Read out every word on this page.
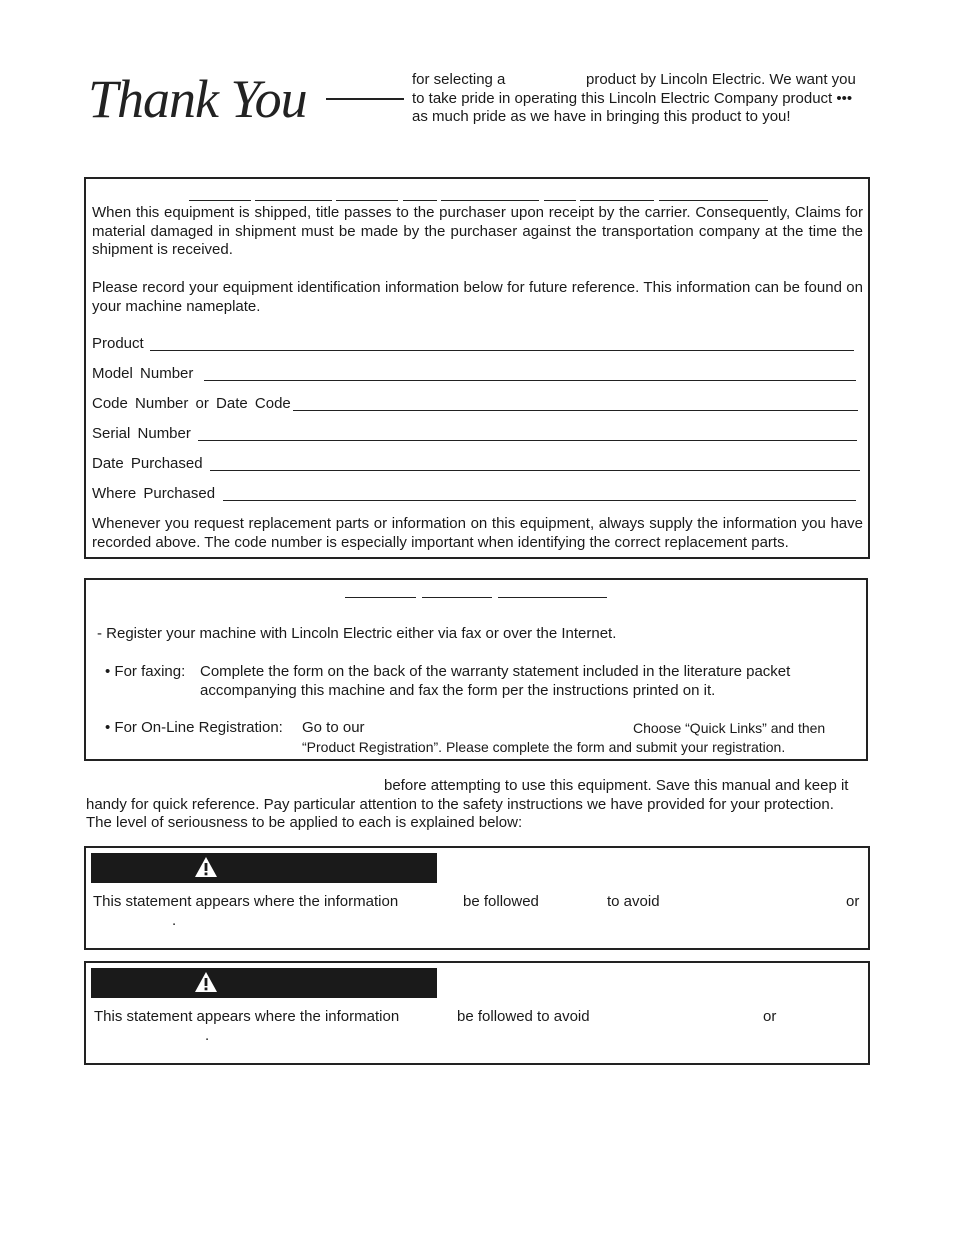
Thank You	for selecting a	product by Lincoln Electric. We want you
to take pride in operating this Lincoln Electric Company product •••
as much pride as we have in bringing this product to you!
When this equipment is shipped, title passes to the purchaser upon receipt by the carrier. Consequently, Claims for material damaged in shipment must be made by the purchaser against the transportation company at the time the shipment is received.
Please record your equipment identification information below for future reference. This information can be found on your machine nameplate.
Product
Model Number
Code Number or Date Code
Serial Number
Date Purchased
Where Purchased
Whenever you request replacement parts or information on this equipment, always supply the information you have recorded above. The code number is especially important when identifying the correct replacement parts.
- Register your machine with Lincoln Electric either via fax or over the Internet.
• For faxing: Complete the form on the back of the warranty statement included in the literature packet
accompanying this machine and fax the form per the instructions printed on it.
• For On-Line Registration: Go to our	Choose “Quick Links” and then
“Product Registration”. Please complete the form and submit your registration.
before attempting to use this equipment. Save this manual and keep it
handy for quick reference. Pay particular attention to the safety instructions we have provided for your protection.
The level of seriousness to be applied to each is explained below:
This statement appears where the information	be followed	to avoid	or
.
This statement appears where the information	be followed to avoid	or
.
